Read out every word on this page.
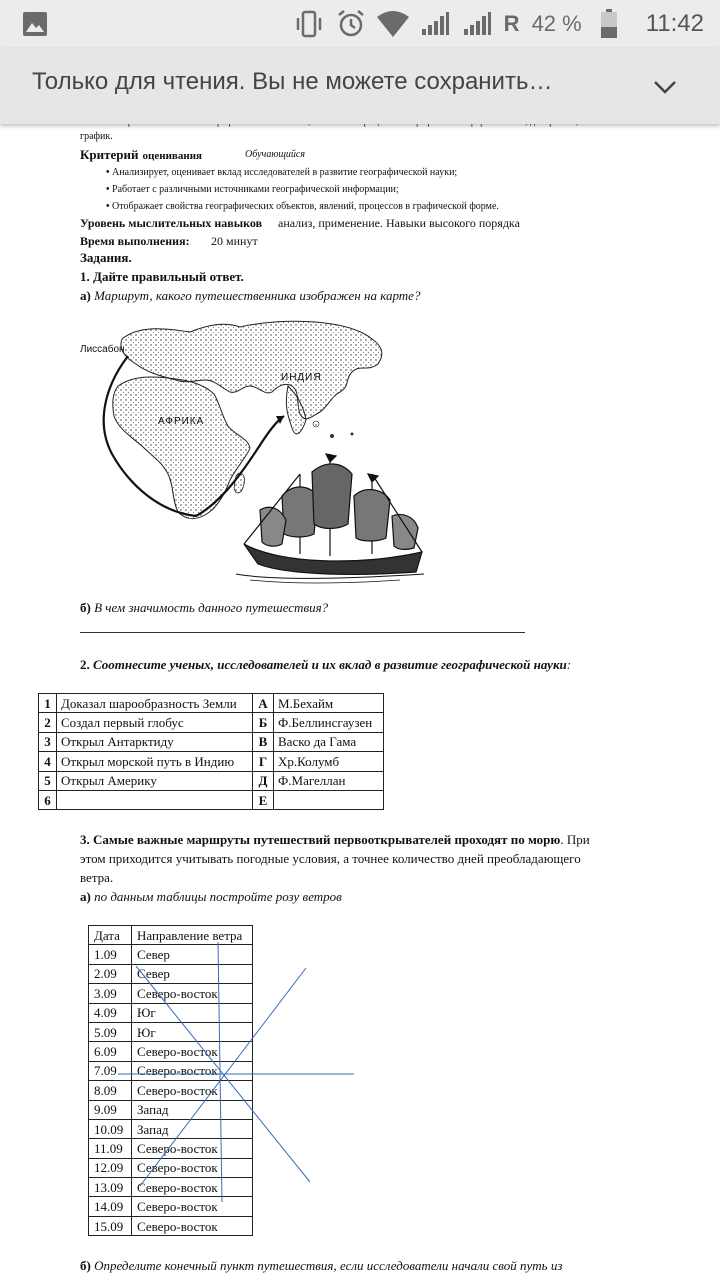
R 42 %	11:42
Только для чтения. Вы не можете сохранить…
график.
Критерий оценивания	Обучающийся
• Анализирует, оценивает вклад исследователей в развитие географической науки;
• Работает с различными источниками географической информации;
• Отображает свойства географических объектов, явлений, процессов в графической форме.
Уровень мыслительных навыков анализ, применение. Навыки высокого порядка
Время выполнения: 20 минут
Задания.
1. Дайте правильный ответ.
а) Маршрут, какого путешественника изображен на карте?
Лиссабон
ИНДИЯ
АФРИКА
б) В чем значимость данного путешествия?
2. Соотнесите ученых, исследователей и их вклад в развитие географической науки:
1	Доказал шарообразность Земли	А	М.Бехайм
2	Создал первый глобус	Б	Ф.Беллинсгаузен
3	Открыл Антарктиду	В	Васко да Гама
4	Открыл морской путь в Индию	Г	Хр.Колумб
5	Открыл Америку	Д	Ф.Магеллан
6		Е	
3. Самые важные маршруты путешествий первооткрывателей проходят по морю. При
этом приходится учитывать погодные условия, а точнее количество дней преобладающего
ветра.
а) по данным таблицы постройте розу ветров
Дата	Направление ветра
1.09	Север
2.09	Север
3.09	Северо-восток
4.09	Юг
5.09	Юг
6.09	Северо-восток
7.09	Северо-восток
8.09	Северо-восток
9.09	Запад
10.09	Запад
11.09	Северо-восток
12.09	Северо-восток
13.09	Северо-восток
14.09	Северо-восток
15.09	Северо-восток
б) Определите конечный пункт путешествия, если исследователи начали свой путь из
